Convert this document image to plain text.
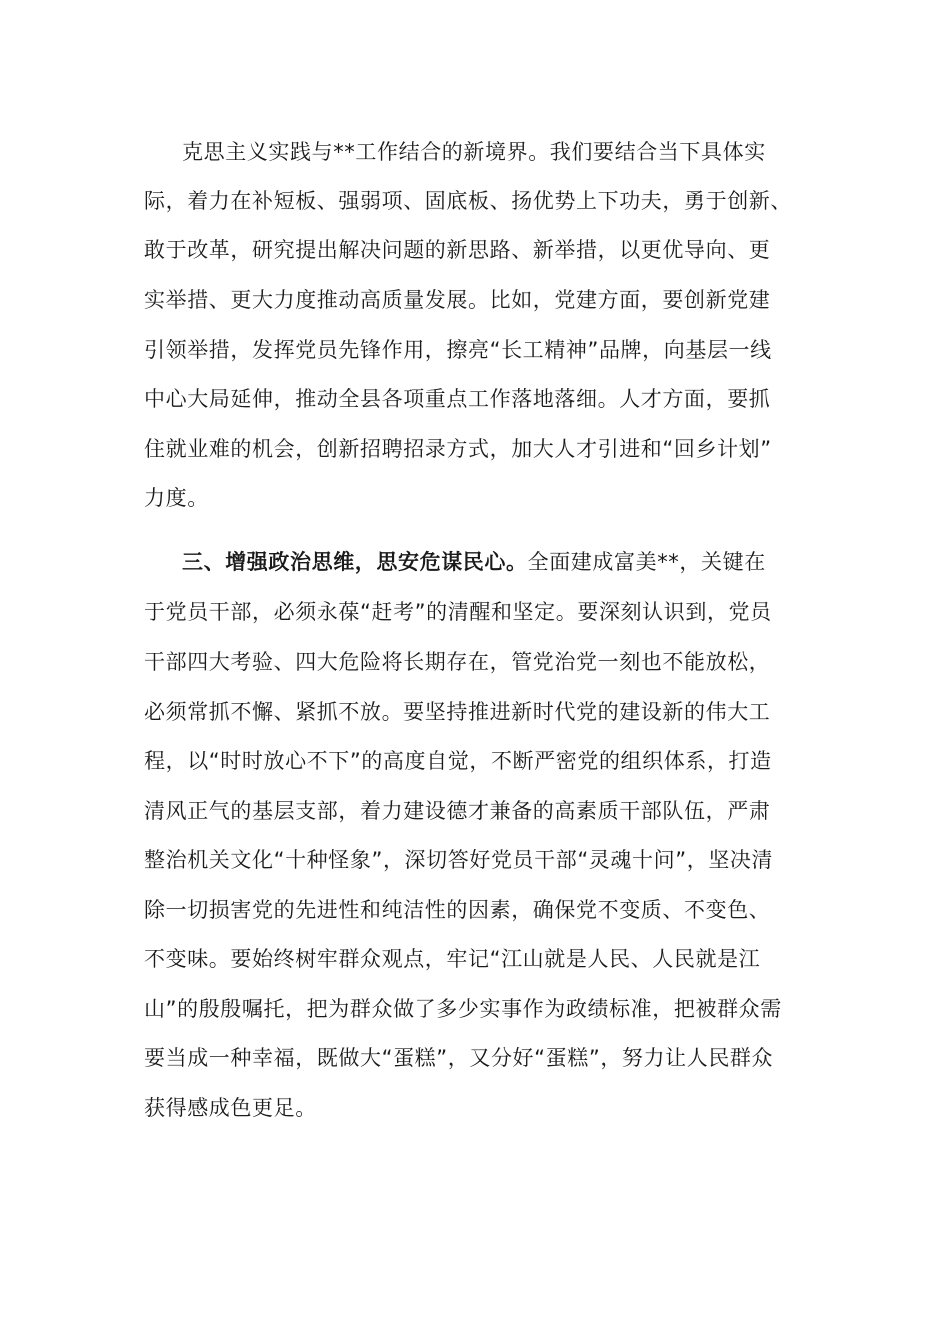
克思主义实践与**工作结合的新境界。我们要结合当下具体实
际，着力在补短板、强弱项、固底板、扬优势上下功夫，勇于创新、
敢于改革，研究提出解决问题的新思路、新举措，以更优导向、更
实举措、更大力度推动高质量发展。比如，党建方面，要创新党建
引领举措，发挥党员先锋作用，擦亮“长工精神”品牌，向基层一线
中心大局延伸，推动全县各项重点工作落地落细。人才方面，要抓
住就业难的机会，创新招聘招录方式，加大人才引进和“回乡计划”
力度。
三、增强政治思维，思安危谋民心。全面建成富美**，关键在
于党员干部，必须永葆“赶考”的清醒和坚定。要深刻认识到，党员
干部四大考验、四大危险将长期存在，管党治党一刻也不能放松，
必须常抓不懈、紧抓不放。要坚持推进新时代党的建设新的伟大工
程，以“时时放心不下”的高度自觉，不断严密党的组织体系，打造
清风正气的基层支部，着力建设德才兼备的高素质干部队伍，严肃
整治机关文化“十种怪象”，深切答好党员干部“灵魂十问”，坚决清
除一切损害党的先进性和纯洁性的因素，确保党不变质、不变色、
不变味。要始终树牢群众观点，牢记“江山就是人民、人民就是江
山”的殷殷嘱托，把为群众做了多少实事作为政绩标准，把被群众需
要当成一种幸福，既做大“蛋糕”，又分好“蛋糕”，努力让人民群众
获得感成色更足。
